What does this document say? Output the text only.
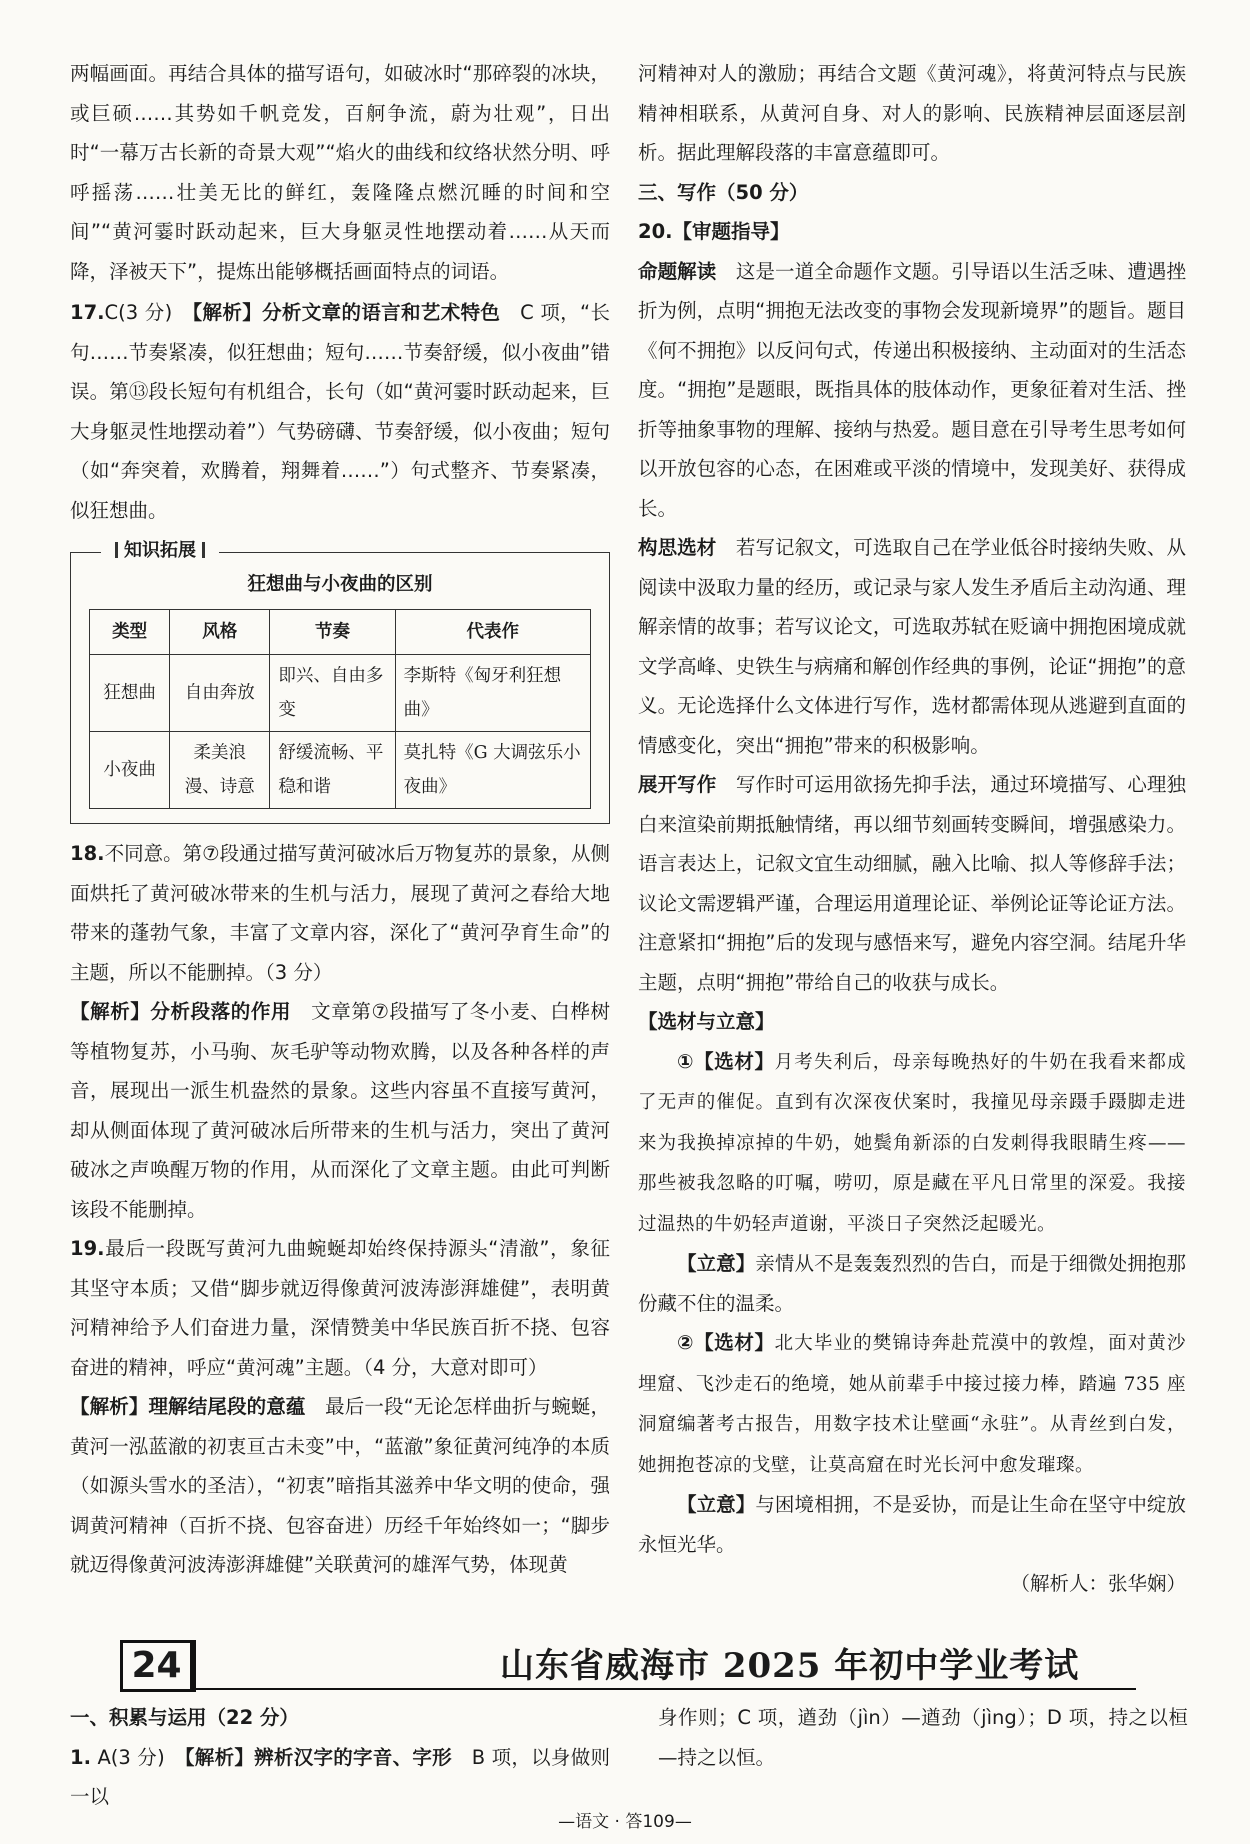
两幅画面。再结合具体的描写语句，如破冰时“那碎裂的冰块，或巨硕……其势如千帆竞发，百舸争流，蔚为壮观”，日出时“一幕万古长新的奇景大观”“焰火的曲线和纹络状然分明、呼呼摇荡……壮美无比的鲜红，轰隆隆点燃沉睡的时间和空间”“黄河霎时跃动起来，巨大身躯灵性地摆动着……从天而降，泽被天下”，提炼出能够概括画面特点的词语。

17.C(3 分)　 【解析】分析文章的语言和艺术特色　 C 项，“长句……节奏紧凑，似狂想曲；短句……节奏舒缓，似小夜曲”错误。第⑬段长短句有机组合，长句（如“黄河霎时跃动起来，巨大身躯灵性地摆动着”）气势磅礴、节奏舒缓，似小夜曲；短句（如“奔突着，欢腾着，翔舞着……”）句式整齐、节奏紧凑，似狂想曲。

知识拓展
狂想曲与小夜曲的区别
类型	风格	节奏	代表作
狂想曲	自由奔放	即兴、自由多变	李斯特《匈牙利狂想曲》
小夜曲	柔美浪漫、诗意	舒缓流畅、平稳和谐	莫扎特《G 大调弦乐小夜曲》

18.不同意。第⑦段通过描写黄河破冰后万物复苏的景象，从侧面烘托了黄河破冰带来的生机与活力，展现了黄河之春给大地带来的蓬勃气象，丰富了文章内容，深化了“黄河孕育生命”的主题，所以不能删掉。（3 分）

【解析】分析段落的作用　 文章第⑦段描写了冬小麦、白桦树等植物复苏，小马驹、灰毛驴等动物欢腾，以及各种各样的声音，展现出一派生机盎然的景象。这些内容虽不直接写黄河，却从侧面体现了黄河破冰后所带来的生机与活力，突出了黄河破冰之声唤醒万物的作用，从而深化了文章主题。由此可判断该段不能删掉。

19.最后一段既写黄河九曲蜿蜒却始终保持源头“清澈”，象征其坚守本质；又借“脚步就迈得像黄河波涛澎湃雄健”，表明黄河精神给予人们奋进力量，深情赞美中华民族百折不挠、包容奋进的精神，呼应“黄河魂”主题。（4 分，大意对即可）

【解析】理解结尾段的意蕴　 最后一段“无论怎样曲折与蜿蜒，黄河一泓蓝澈的初衷亘古未变”中，“蓝澈”象征黄河纯净的本质（如源头雪水的圣洁），“初衷”暗指其滋养中华文明的使命，强调黄河精神（百折不挠、包容奋进）历经千年始终如一；“脚步就迈得像黄河波涛澎湃雄健”关联黄河的雄浑气势，体现黄

河精神对人的激励；再结合文题《黄河魂》，将黄河特点与民族精神相联系，从黄河自身、对人的影响、民族精神层面逐层剖析。据此理解段落的丰富意蕴即可。

三、写作（50 分）

20.【审题指导】

命题解读　 这是一道全命题作文题。引导语以生活乏味、遭遇挫折为例，点明“拥抱无法改变的事物会发现新境界”的题旨。题目《何不拥抱》以反问句式，传递出积极接纳、主动面对的生活态度。“拥抱”是题眼，既指具体的肢体动作，更象征着对生活、挫折等抽象事物的理解、接纳与热爱。题目意在引导考生思考如何以开放包容的心态，在困难或平淡的情境中，发现美好、获得成长。

构思选材　 若写记叙文，可选取自己在学业低谷时接纳失败、从阅读中汲取力量的经历，或记录与家人发生矛盾后主动沟通、理解亲情的故事；若写议论文，可选取苏轼在贬谪中拥抱困境成就文学高峰、史铁生与病痛和解创作经典的事例，论证“拥抱”的意义。无论选择什么文体进行写作，选材都需体现从逃避到直面的情感变化，突出“拥抱”带来的积极影响。

展开写作　 写作时可运用欲扬先抑手法，通过环境描写、心理独白来渲染前期抵触情绪，再以细节刻画转变瞬间，增强感染力。语言表达上，记叙文宜生动细腻，融入比喻、拟人等修辞手法；议论文需逻辑严谨，合理运用道理论证、举例论证等论证方法。注意紧扣“拥抱”后的发现与感悟来写，避免内容空洞。结尾升华主题，点明“拥抱”带给自己的收获与成长。

【选材与立意】

①【选材】月考失利后，母亲每晚热好的牛奶在我看来都成了无声的催促。直到有次深夜伏案时，我撞见母亲蹑手蹑脚走进来为我换掉凉掉的牛奶，她鬓角新添的白发刺得我眼睛生疼——那些被我忽略的叮嘱，唠叨，原是藏在平凡日常里的深爱。我接过温热的牛奶轻声道谢，平淡日子突然泛起暖光。

【立意】亲情从不是轰轰烈烈的告白，而是于细微处拥抱那份藏不住的温柔。

②【选材】北大毕业的樊锦诗奔赴荒漠中的敦煌，面对黄沙埋窟、飞沙走石的绝境，她从前辈手中接过接力棒，踏遍 735 座洞窟编著考古报告，用数字技术让壁画“永驻”。从青丝到白发，她拥抱苍凉的戈壁，让莫高窟在时光长河中愈发璀璨。

【立意】与困境相拥，不是妥协，而是让生命在坚守中绽放永恒光华。

（解析人：张华娴）

24	山东省威海市 2025 年初中学业考试

一、积累与运用（22 分）

1. A(3 分)　 【解析】辨析汉字的字音、字形　 B 项，以身做则一以

身作则；C 项，遒劲（jìn）—遒劲（jìng）；D 项，持之以桓—持之以恒。

—语文 · 答109—
